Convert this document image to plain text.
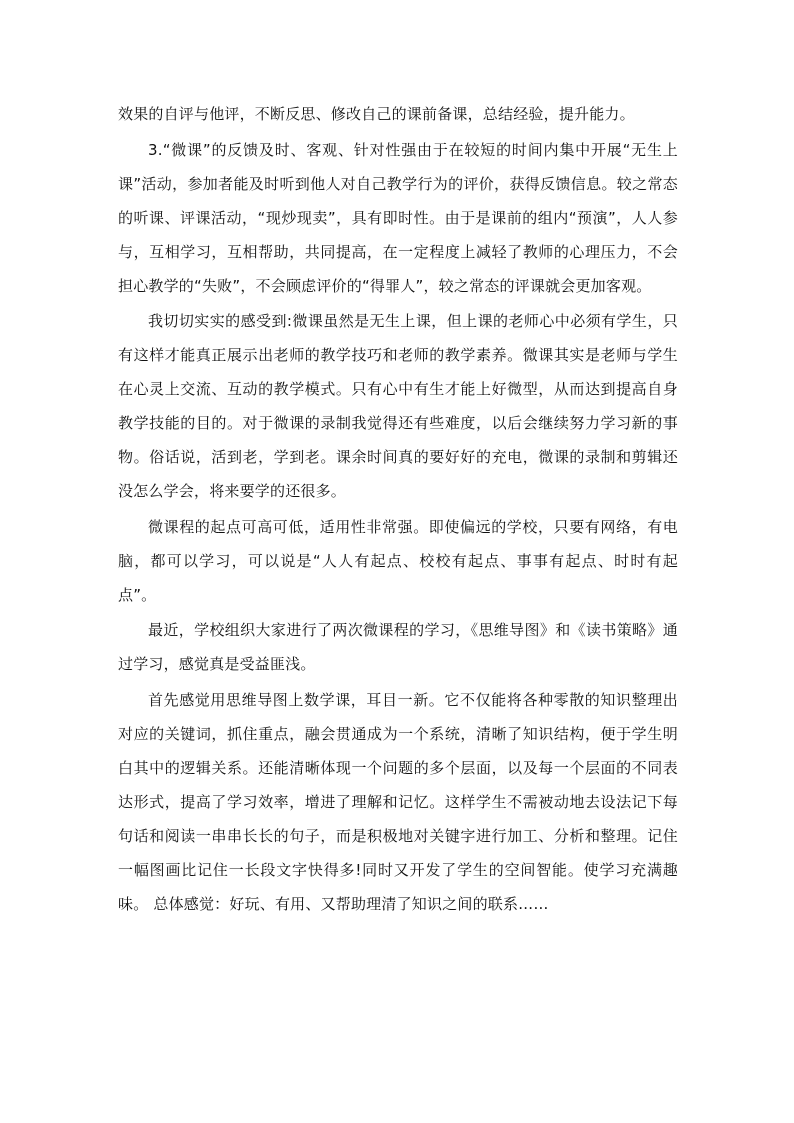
效果的自评与他评，不断反思、修改自己的课前备课，总结经验，提升能力。

3.“微课”的反馈及时、客观、针对性强由于在较短的时间内集中开展“无生上课”活动，参加者能及时听到他人对自己教学行为的评价，获得反馈信息。较之常态的听课、评课活动，“现炒现卖”，具有即时性。由于是课前的组内“预演”，人人参与，互相学习，互相帮助，共同提高，在一定程度上减轻了教师的心理压力，不会担心教学的“失败”，不会顾虑评价的“得罪人”，较之常态的评课就会更加客观。

我切切实实的感受到:微课虽然是无生上课，但上课的老师心中必须有学生，只有这样才能真正展示出老师的教学技巧和老师的教学素养。微课其实是老师与学生在心灵上交流、互动的教学模式。只有心中有生才能上好微型，从而达到提高自身教学技能的目的。对于微课的录制我觉得还有些难度，以后会继续努力学习新的事物。俗话说，活到老，学到老。课余时间真的要好好的充电，微课的录制和剪辑还没怎么学会，将来要学的还很多。

微课程的起点可高可低，适用性非常强。即使偏远的学校，只要有网络，有电脑，都可以学习，可以说是“人人有起点、校校有起点、事事有起点、时时有起点”。

最近，学校组织大家进行了两次微课程的学习，《思维导图》和《读书策略》通过学习，感觉真是受益匪浅。

首先感觉用思维导图上数学课，耳目一新。它不仅能将各种零散的知识整理出对应的关键词，抓住重点，融会贯通成为一个系统，清晰了知识结构，便于学生明白其中的逻辑关系。还能清晰体现一个问题的多个层面，以及每一个层面的不同表达形式，提高了学习效率，增进了理解和记忆。这样学生不需被动地去设法记下每句话和阅读一串串长长的句子，而是积极地对关键字进行加工、分析和整理。记住一幅图画比记住一长段文字快得多!同时又开发了学生的空间智能。使学习充满趣味。 总体感觉：好玩、有用、又帮助理清了知识之间的联系……
